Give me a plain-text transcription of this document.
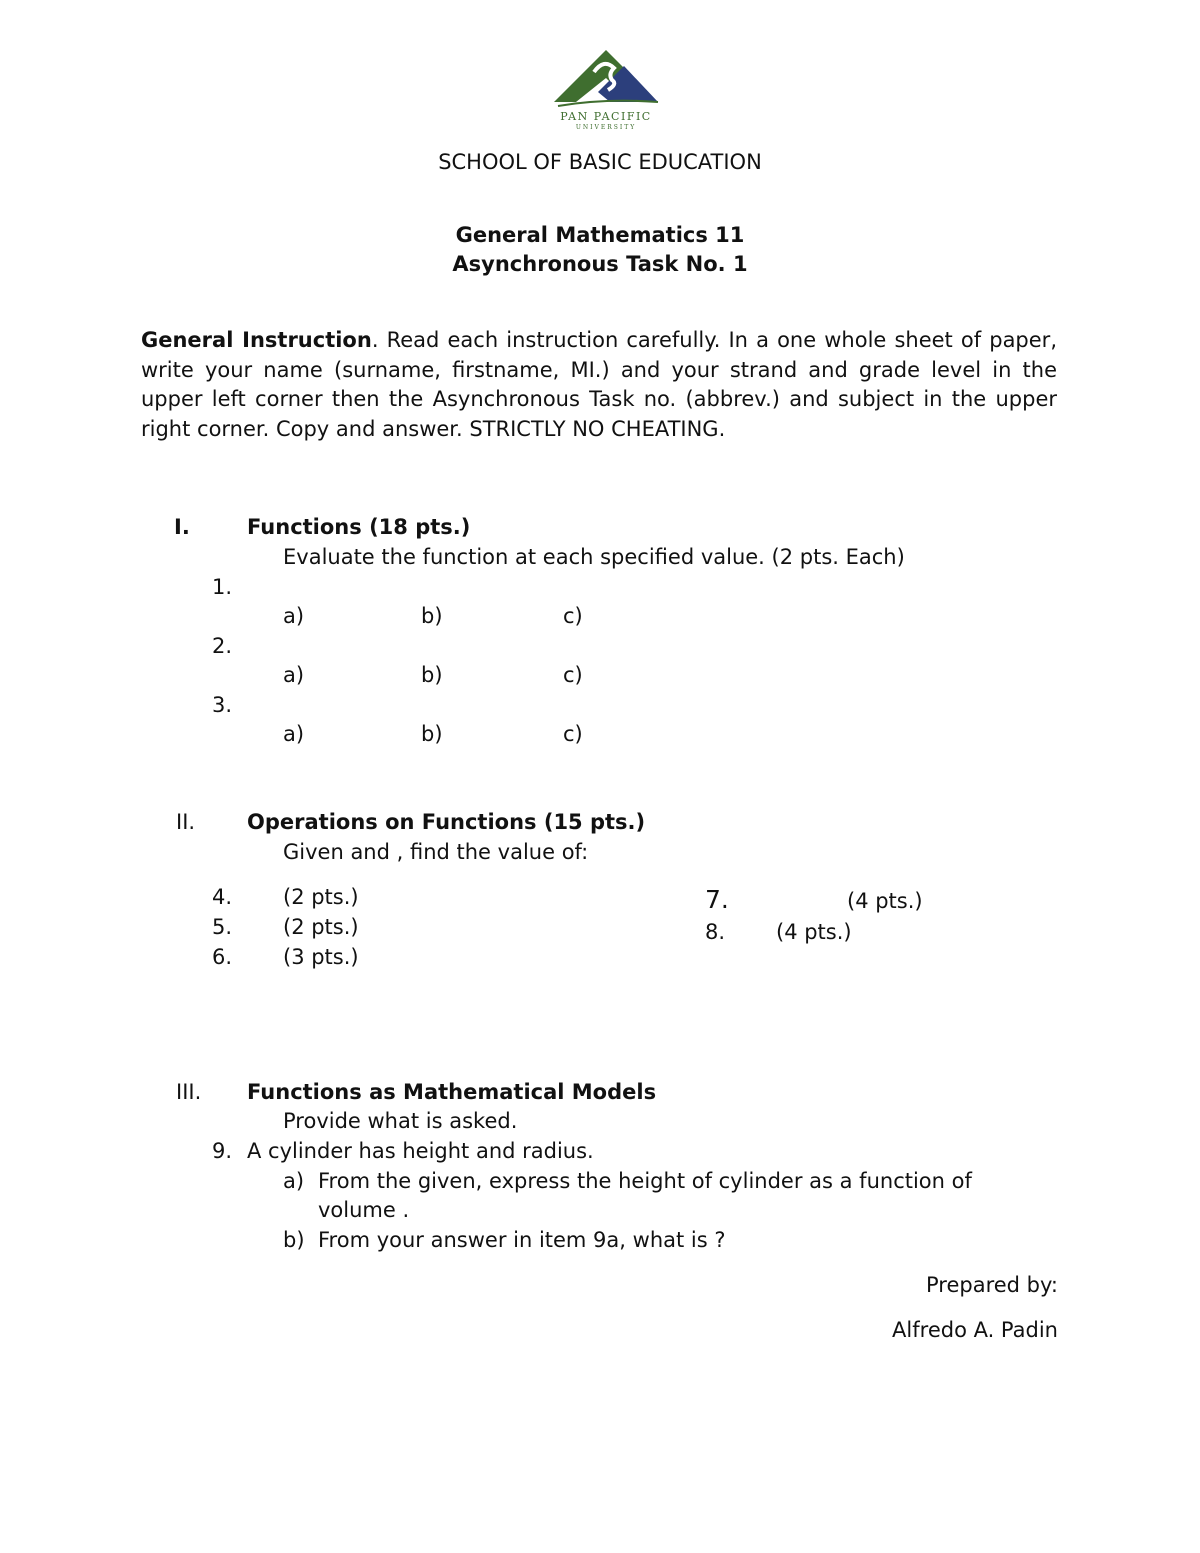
PAN PACIFIC
UNIVERSITY
SCHOOL OF BASIC EDUCATION
General Mathematics 11
Asynchronous Task No. 1
General Instruction. Read each instruction carefully. In a one whole sheet of paper, write your name (surname, firstname, MI.) and your strand and grade level in the upper left corner then the Asynchronous Task no. (abbrev.) and subject in the upper right corner. Copy and answer. STRICTLY NO CHEATING.
I.	Functions (18 pts.)
Evaluate the function at each specified value. (2 pts. Each)
1.
a)	b)	c)
2.
a)	b)	c)
3.
a)	b)	c)
II. Operations on Functions (15 pts.)
Given and , find the value of:
4. (2 pts.)
5. (2 pts.)
6. (3 pts.)
7.	(4 pts.)
8. (4 pts.)
III. Functions as Mathematical Models
Provide what is asked.
9. A cylinder has height and radius.
a) From the given, express the height of cylinder as a function of
volume .
b) From your answer in item 9a, what is ?
Prepared by:
Alfredo A. Padin
